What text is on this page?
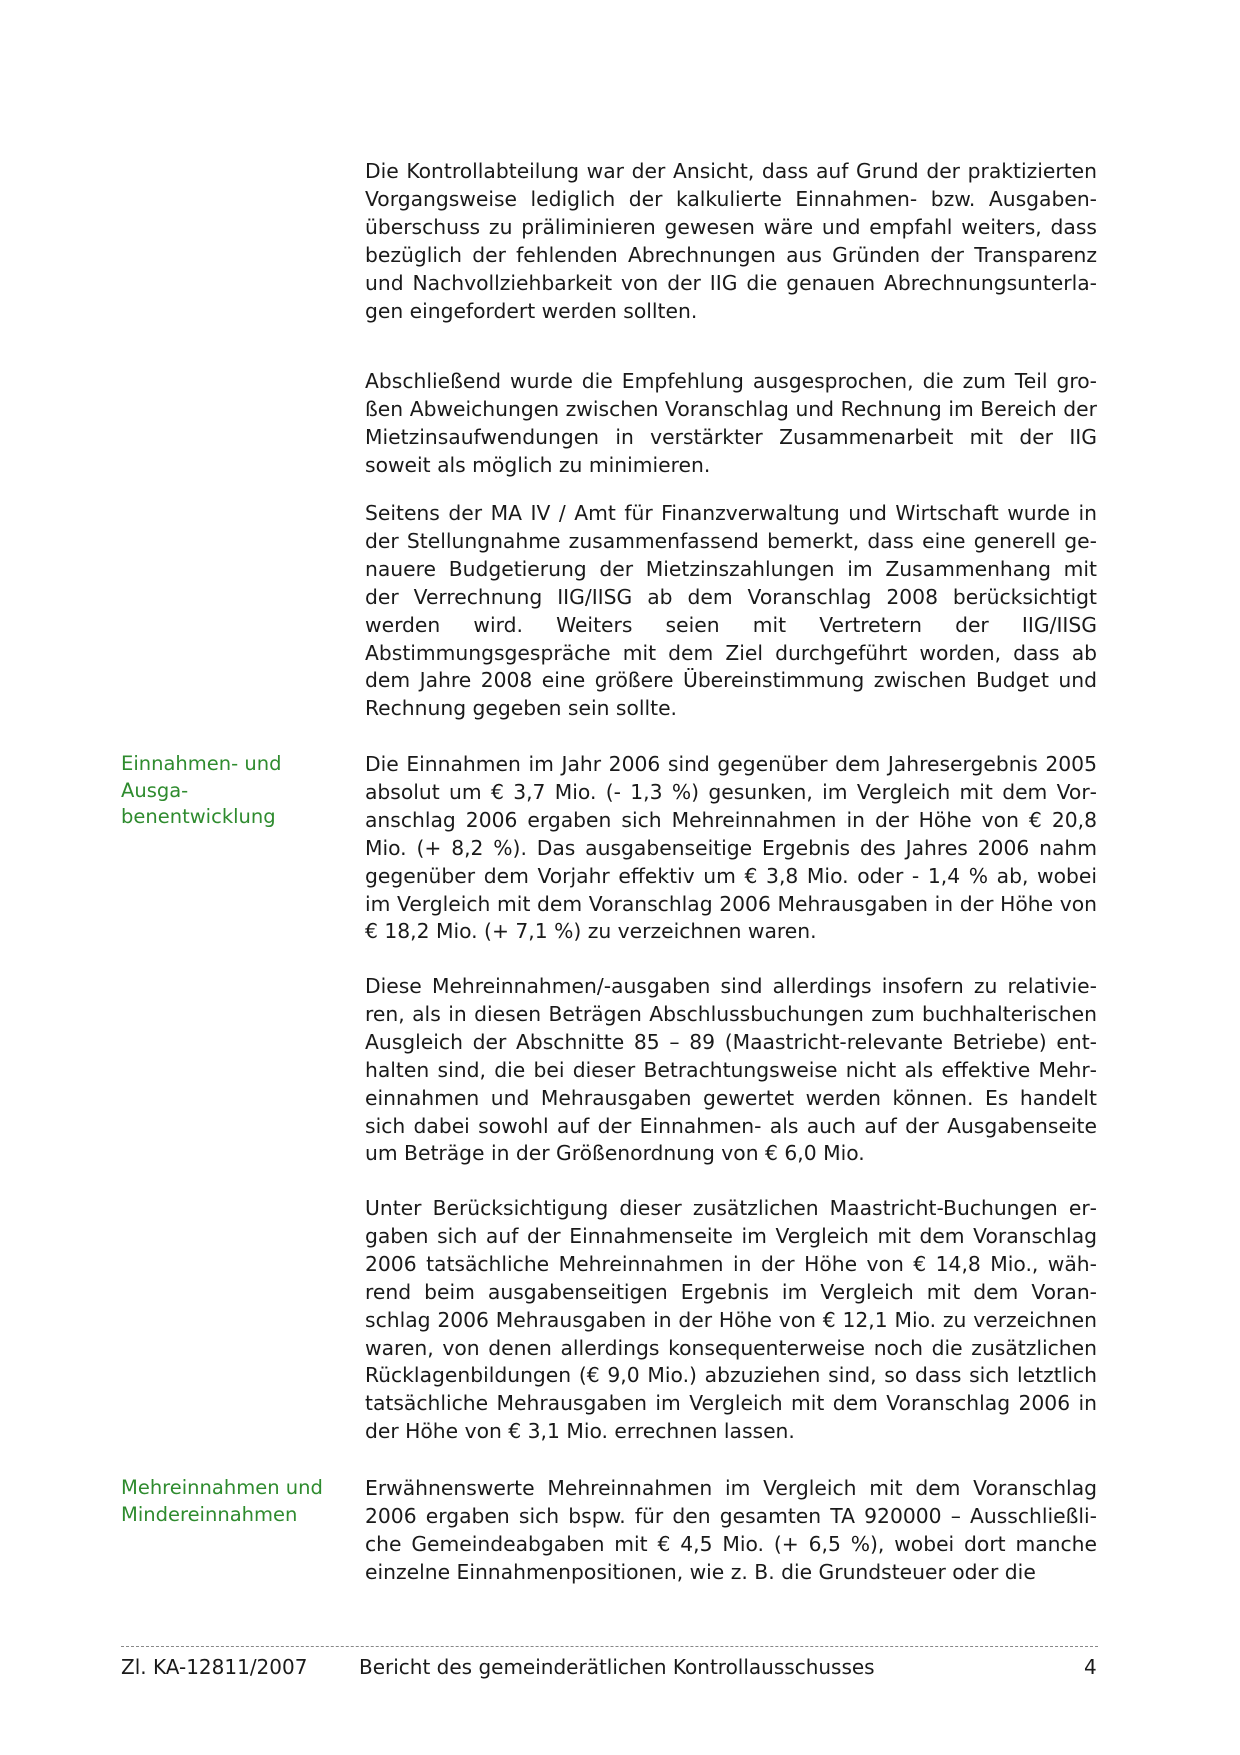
Die Kontrollabteilung war der Ansicht, dass auf Grund der praktizierten Vorgangsweise lediglich der kalkulierte Einnahmen- bzw. Ausgabenüberschuss zu präliminieren gewesen wäre und empfahl weiters, dass bezüglich der fehlenden Abrechnungen aus Gründen der Transparenz und Nachvollziehbarkeit von der IIG die genauen Abrechnungsunterlagen eingefordert werden sollten.

Abschließend wurde die Empfehlung ausgesprochen, die zum Teil großen Abweichungen zwischen Voranschlag und Rechnung im Bereich der Mietzinsaufwendungen in verstärkter Zusammenarbeit mit der IIG soweit als möglich zu minimieren.

Seitens der MA IV / Amt für Finanzverwaltung und Wirtschaft wurde in der Stellungnahme zusammenfassend bemerkt, dass eine generell genauere Budgetierung der Mietzinszahlungen im Zusammenhang mit der Verrechnung IIG/IISG ab dem Voranschlag 2008 berücksichtigt werden wird. Weiters seien mit Vertretern der IIG/IISG Abstimmungsgespräche mit dem Ziel durchgeführt worden, dass ab dem Jahre 2008 eine größere Übereinstimmung zwischen Budget und Rechnung gegeben sein sollte.

Einnahmen- und Ausga-
benentwicklung

Die Einnahmen im Jahr 2006 sind gegenüber dem Jahresergebnis 2005 absolut um € 3,7 Mio. (- 1,3 %) gesunken, im Vergleich mit dem Voranschlag 2006 ergaben sich Mehreinnahmen in der Höhe von € 20,8 Mio. (+ 8,2 %). Das ausgabenseitige Ergebnis des Jahres 2006 nahm gegenüber dem Vorjahr effektiv um € 3,8 Mio. oder - 1,4 % ab, wobei im Vergleich mit dem Voranschlag 2006 Mehrausgaben in der Höhe von € 18,2 Mio. (+ 7,1 %) zu verzeichnen waren.

Diese Mehreinnahmen/-ausgaben sind allerdings insofern zu relativieren, als in diesen Beträgen Abschlussbuchungen zum buchhalterischen Ausgleich der Abschnitte 85 – 89 (Maastricht-relevante Betriebe) enthalten sind, die bei dieser Betrachtungsweise nicht als effektive Mehreinnahmen und Mehrausgaben gewertet werden können. Es handelt sich dabei sowohl auf der Einnahmen- als auch auf der Ausgabenseite um Beträge in der Größenordnung von € 6,0 Mio.

Unter Berücksichtigung dieser zusätzlichen Maastricht-Buchungen ergaben sich auf der Einnahmenseite im Vergleich mit dem Voranschlag 2006 tatsächliche Mehreinnahmen in der Höhe von € 14,8 Mio., während beim ausgabenseitigen Ergebnis im Vergleich mit dem Voranschlag 2006 Mehrausgaben in der Höhe von € 12,1 Mio. zu verzeichnen waren, von denen allerdings konsequenterweise noch die zusätzlichen Rücklagenbildungen (€ 9,0 Mio.) abzuziehen sind, so dass sich letztlich tatsächliche Mehrausgaben im Vergleich mit dem Voranschlag 2006 in der Höhe von € 3,1 Mio. errechnen lassen.

Mehreinnahmen und
Mindereinnahmen

Erwähnenswerte Mehreinnahmen im Vergleich mit dem Voranschlag 2006 ergaben sich bspw. für den gesamten TA 920000 – Ausschließliche Gemeindeabgaben mit € 4,5 Mio. (+ 6,5 %), wobei dort manche einzelne Einnahmenpositionen, wie z. B. die Grundsteuer oder die

Zl. KA-12811/2007	Bericht des gemeinderätlichen Kontrollausschusses	4
